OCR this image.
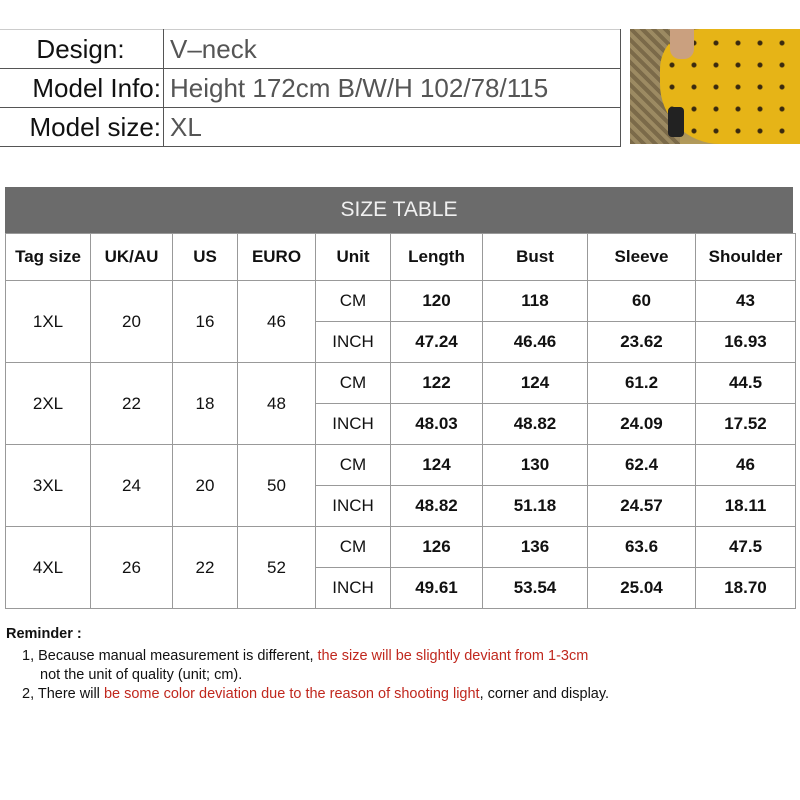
Design:	V–neck
Model Info:	Height 172cm B/W/H 102/78/115
Model size:	XL
SIZE TABLE
Tag size	UK/AU	US	EURO	Unit	Length	Bust	Sleeve	Shoulder
1XL	20	16	46	CM	120	118	60	43
				INCH	47.24	46.46	23.62	16.93
2XL	22	18	48	CM	122	124	61.2	44.5
				INCH	48.03	48.82	24.09	17.52
3XL	24	20	50	CM	124	130	62.4	46
				INCH	48.82	51.18	24.57	18.11
4XL	26	22	52	CM	126	136	63.6	47.5
				INCH	49.61	53.54	25.04	18.70
Reminder :
1, Because manual measurement is different, the size will be slightly deviant from 1-3cm
not the unit of quality (unit; cm).
2, There will be some color deviation due to the reason of shooting light, corner and display.
